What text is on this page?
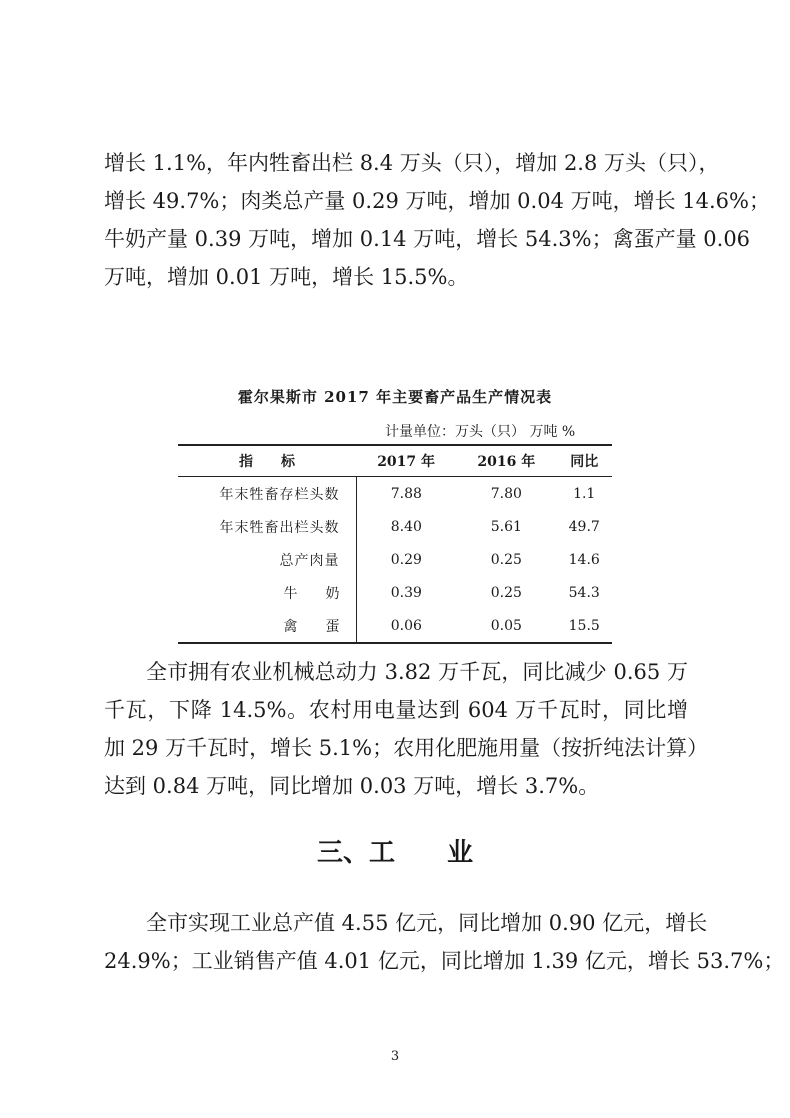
增长 1.1%，年内牲畜出栏 8.4 万头（只），增加 2.8 万头（只），
增长 49.7%；肉类总产量 0.29 万吨，增加 0.04 万吨，增长 14.6%；
牛奶产量 0.39 万吨，增加 0.14 万吨，增长 54.3%；禽蛋产量 0.06
万吨，增加 0.01 万吨，增长 15.5%。

霍尔果斯市 2017 年主要畜产品生产情况表

计量单位：万头（只） 万吨 %
指　　标	2017 年	2016 年	同比
年末牲畜存栏头数	7.88	7.80	1.1
年末牲畜出栏头数	8.40	5.61	49.7
总产肉量	0.29	0.25	14.6
牛　　奶	0.39	0.25	54.3
禽　　蛋	0.06	0.05	15.5
全市拥有农业机械总动力 3.82 万千瓦，同比减少 0.65 万
千瓦，下降 14.5%。农村用电量达到 604 万千瓦时，同比增
加 29 万千瓦时，增长 5.1%；农用化肥施用量（按折纯法计算）
达到 0.84 万吨，同比增加 0.03 万吨，增长 3.7%。
三、工　　业
全市实现工业总产值 4.55 亿元，同比增加 0.90 亿元，增长
24.9%；工业销售产值 4.01 亿元，同比增加 1.39 亿元，增长 53.7%；
3
